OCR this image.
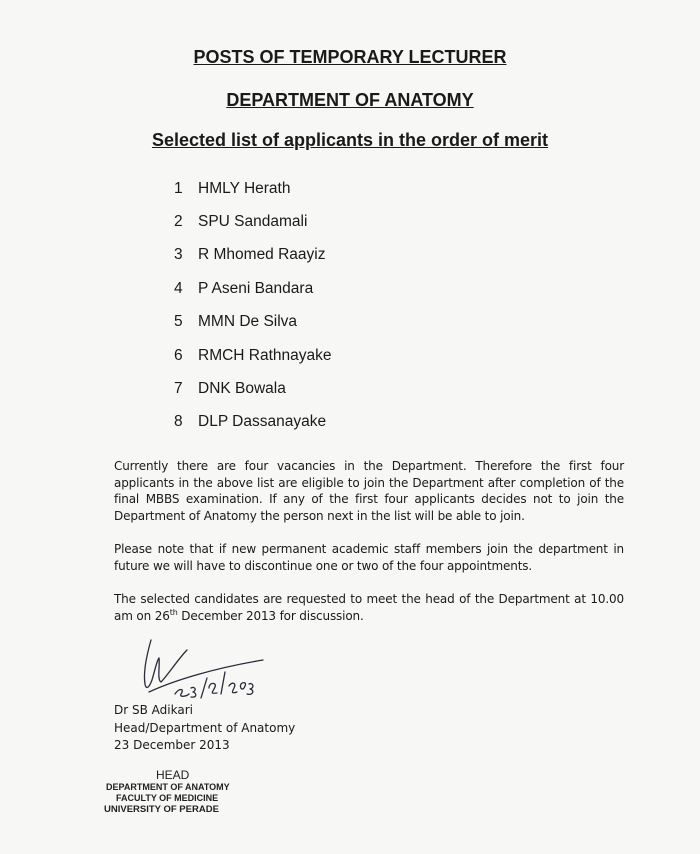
POSTS OF TEMPORARY LECTURER
DEPARTMENT OF ANATOMY
Selected list of applicants in the order of merit
1 HMLY Herath
2 SPU Sandamali
3 R Mhomed Raayiz
4 P Aseni Bandara
5 MMN De Silva
6 RMCH Rathnayake
7 DNK Bowala
8 DLP Dassanayake

Currently there are four vacancies in the Department. Therefore the first four applicants in the above list are eligible to join the Department after completion of the final MBBS examination. If any of the first four applicants decides not to join the Department of Anatomy the person next in the list will be able to join.

Please note that if new permanent academic staff members join the department in future we will have to discontinue one or two of the four appointments.

The selected candidates are requested to meet the head of the Department at 10.00 am on 26th December 2013 for discussion.

Dr SB Adikari
Head/Department of Anatomy
23 December 2013
HEAD
DEPARTMENT OF ANATOMY
FACULTY OF MEDICINE
UNIVERSITY OF PERADE
